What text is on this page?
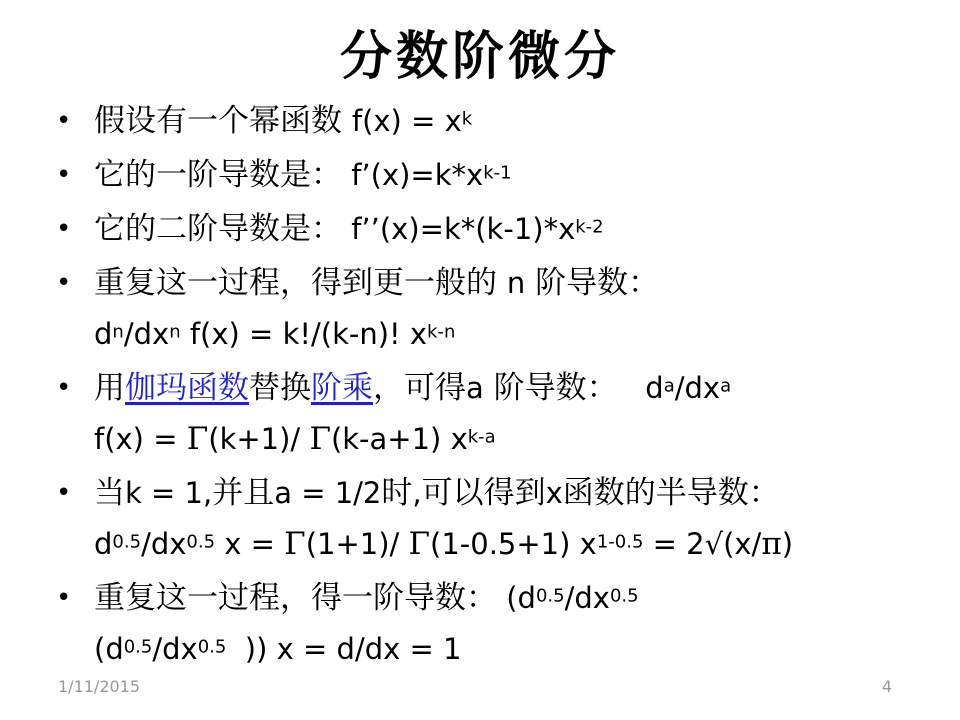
分数阶微分
• 假设有一个幂函数 f(x) = xk
• 它的一阶导数是： f’(x)=k*xk-1
• 它的二阶导数是： f’’(x)=k*(k-1)*xk-2
• 重复这一过程，得到更一般的 n 阶导数：
dn/dxn f(x) = k!/(k-n)! xk-n
• 用伽玛函数替换阶乘，可得a 阶导数：   da/dxa
f(x) = Γ(k+1)/ Γ(k-a+1) xk-a
• 当k = 1,并且a = 1/2时,可以得到x函数的半导数：
d0.5/dx0.5 x = Γ(1+1)/ Γ(1-0.5+1) x1-0.5 = 2√(x/π)
• 重复这一过程，得一阶导数： (d0.5/dx0.5
(d0.5/dx0.5  )) x = d/dx = 1
1/11/2015	4
